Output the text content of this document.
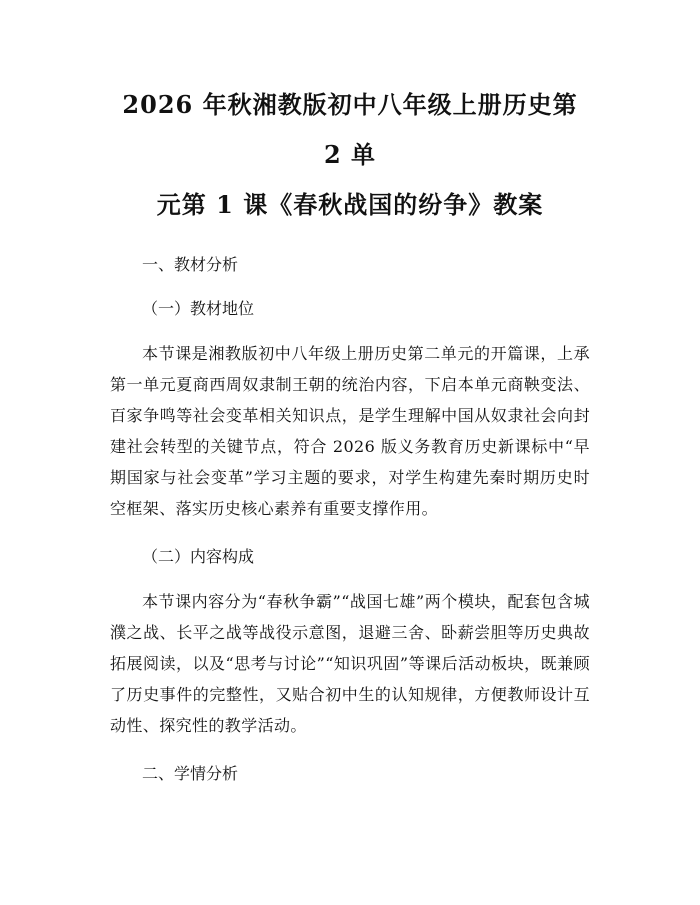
2026 年秋湘教版初中八年级上册历史第 2 单
元第 1 课《春秋战国的纷争》教案

一、教材分析

（一）教材地位

本节课是湘教版初中八年级上册历史第二单元的开篇课，上承第一单元夏商西周奴隶制王朝的统治内容，下启本单元商鞅变法、百家争鸣等社会变革相关知识点，是学生理解中国从奴隶社会向封建社会转型的关键节点，符合 2026 版义务教育历史新课标中“早期国家与社会变革”学习主题的要求，对学生构建先秦时期历史时空框架、落实历史核心素养有重要支撑作用。

（二）内容构成

本节课内容分为“春秋争霸”“战国七雄”两个模块，配套包含城濮之战、长平之战等战役示意图，退避三舍、卧薪尝胆等历史典故拓展阅读，以及“思考与讨论”“知识巩固”等课后活动板块，既兼顾了历史事件的完整性，又贴合初中生的认知规律，方便教师设计互动性、探究性的教学活动。

二、学情分析
